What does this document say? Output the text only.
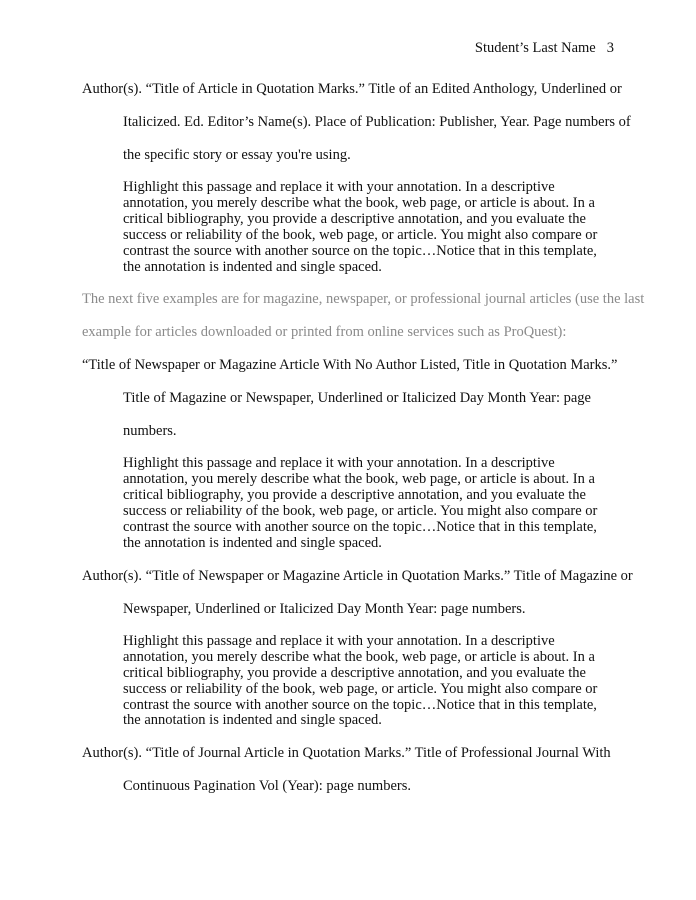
Student’s Last Name 3
Author(s). “Title of Article in Quotation Marks.” Title of an Edited Anthology, Underlined or
Italicized. Ed. Editor’s Name(s). Place of Publication: Publisher, Year. Page numbers of
the specific story or essay you're using.
Highlight this passage and replace it with your annotation. In a descriptive annotation, you merely describe what the book, web page, or article is about. In a critical bibliography, you provide a descriptive annotation, and you evaluate the success or reliability of the book, web page, or article. You might also compare or contrast the source with another source on the topic…Notice that in this template, the annotation is indented and single spaced.
The next five examples are for magazine, newspaper, or professional journal articles (use the last
example for articles downloaded or printed from online services such as ProQuest):
“Title of Newspaper or Magazine Article With No Author Listed, Title in Quotation Marks.”
Title of Magazine or Newspaper, Underlined or Italicized Day Month Year: page
numbers.
Highlight this passage and replace it with your annotation. In a descriptive annotation, you merely describe what the book, web page, or article is about. In a critical bibliography, you provide a descriptive annotation, and you evaluate the success or reliability of the book, web page, or article. You might also compare or contrast the source with another source on the topic…Notice that in this template, the annotation is indented and single spaced.
Author(s). “Title of Newspaper or Magazine Article in Quotation Marks.” Title of Magazine or
Newspaper, Underlined or Italicized Day Month Year: page numbers.
Highlight this passage and replace it with your annotation. In a descriptive annotation, you merely describe what the book, web page, or article is about. In a critical bibliography, you provide a descriptive annotation, and you evaluate the success or reliability of the book, web page, or article. You might also compare or contrast the source with another source on the topic…Notice that in this template, the annotation is indented and single spaced.
Author(s). “Title of Journal Article in Quotation Marks.” Title of Professional Journal With
Continuous Pagination Vol (Year): page numbers.
